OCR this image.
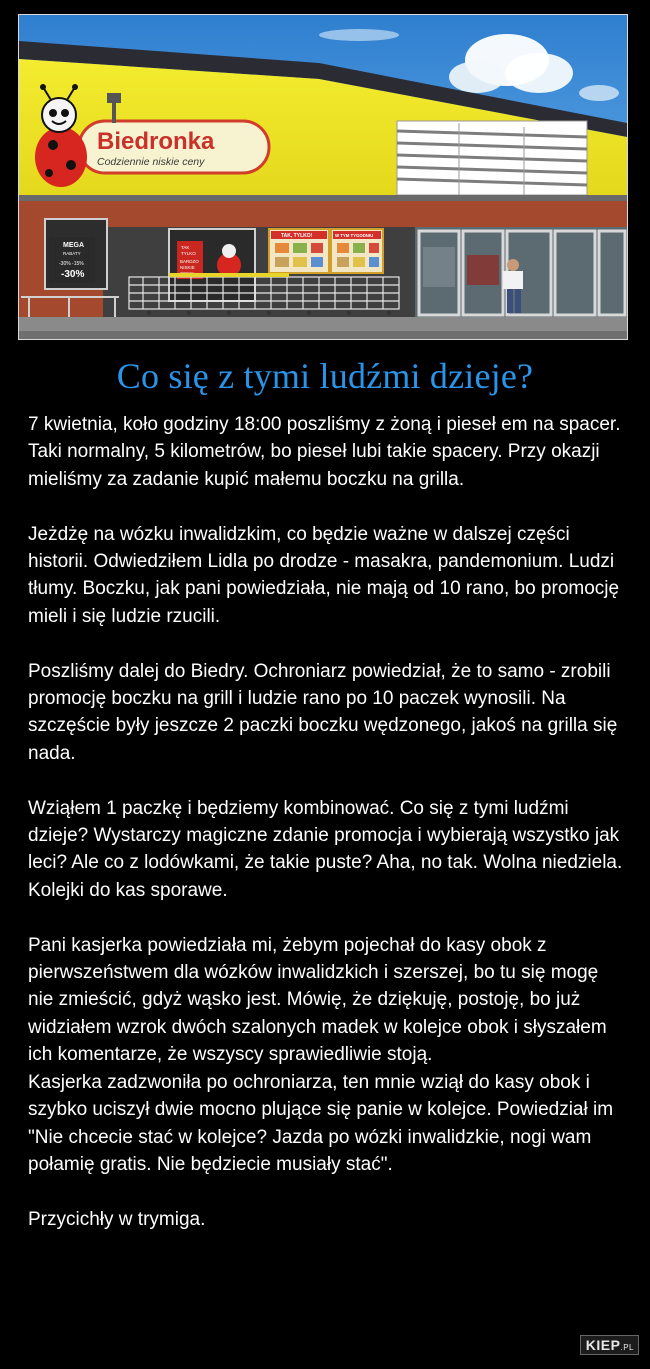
Biedronka
Codziennie niskie ceny
MEGA
RABATY
-30% -15%
-30%
TAK
TYLKO
BARDZO
NISKIE
TAK, TYLKO!	W TYM TYGODNIU
Co się z tymi ludźmi dzieje?

7 kwietnia, koło godziny 18:00 poszliśmy z żoną i pieseł em na spacer. Taki normalny, 5 kilometrów, bo pieseł lubi takie spacery. Przy okazji mieliśmy za zadanie kupić małemu boczku na grilla.

Jeżdżę na wózku inwalidzkim, co będzie ważne w dalszej części historii. Odwiedziłem Lidla po drodze - masakra, pandemonium. Ludzi tłumy. Boczku, jak pani powiedziała, nie mają od 10 rano, bo promocję mieli i się ludzie rzucili.

Poszliśmy dalej do Biedry. Ochroniarz powiedział, że to samo - zrobili promocję boczku na grill i ludzie rano po 10 paczek wynosili. Na szczęście były jeszcze 2 paczki boczku wędzonego, jakoś na grilla się nada.

Wziąłem 1 paczkę i będziemy kombinować. Co się z tymi ludźmi dzieje? Wystarczy magiczne zdanie promocja i wybierają wszystko jak leci? Ale co z lodówkami, że takie puste? Aha, no tak. Wolna niedziela. Kolejki do kas sporawe.

Pani kasjerka powiedziała mi, żebym pojechał do kasy obok z pierwszeństwem dla wózków inwalidzkich i szerszej, bo tu się mogę nie zmieścić, gdyż wąsko jest. Mówię, że dziękuję, postoję, bo już widziałem wzrok dwóch szalonych madek w kolejce obok i słyszałem ich komentarze, że wszyscy sprawiedliwie stoją.

Kasjerka zadzwoniła po ochroniarza, ten mnie wziął do kasy obok i szybko uciszył dwie mocno plujące się panie w kolejce. Powiedział im "Nie chcecie stać w kolejce? Jazda po wózki inwalidzkie, nogi wam połamię gratis. Nie będziecie musiały stać".

Przycichły w trymiga.

KIEP.PL
